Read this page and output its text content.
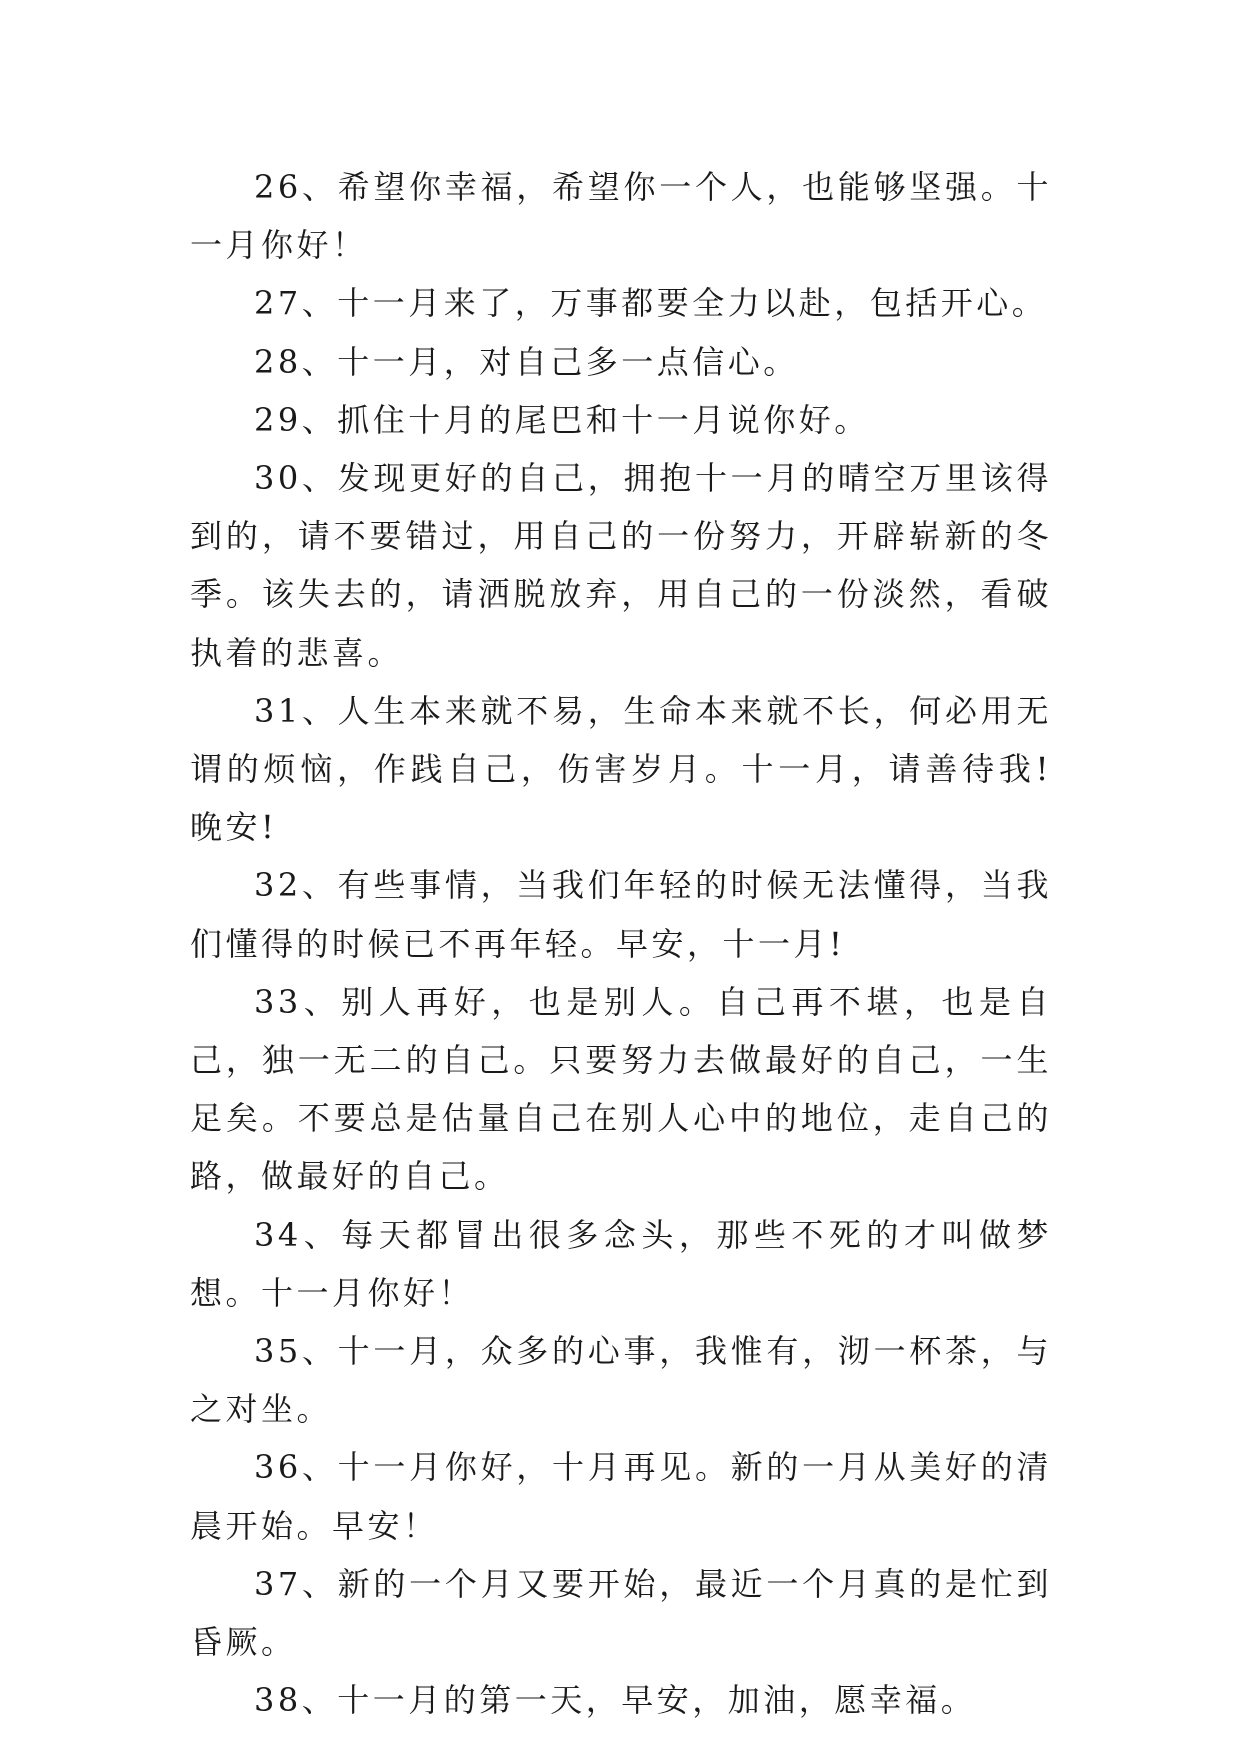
26、希望你幸福，希望你一个人，也能够坚强。十一月你好！

27、十一月来了，万事都要全力以赴，包括开心。

28、十一月，对自己多一点信心。

29、抓住十月的尾巴和十一月说你好。

30、发现更好的自己，拥抱十一月的晴空万里该得到的，请不要错过，用自己的一份努力，开辟崭新的冬季。该失去的，请洒脱放弃，用自己的一份淡然，看破执着的悲喜。

31、人生本来就不易，生命本来就不长，何必用无谓的烦恼，作践自己，伤害岁月。十一月，请善待我!晚安!

32、有些事情，当我们年轻的时候无法懂得，当我们懂得的时候已不再年轻。早安，十一月!

33、别人再好，也是别人。自己再不堪，也是自己，独一无二的自己。只要努力去做最好的自己，一生足矣。不要总是估量自己在别人心中的地位，走自己的路，做最好的自己。

34、每天都冒出很多念头，那些不死的才叫做梦想。十一月你好！

35、十一月，众多的心事，我惟有，沏一杯茶，与之对坐。

36、十一月你好，十月再见。新的一月从美好的清晨开始。早安！

37、新的一个月又要开始，最近一个月真的是忙到昏厥。

38、十一月的第一天，早安，加油，愿幸福。
